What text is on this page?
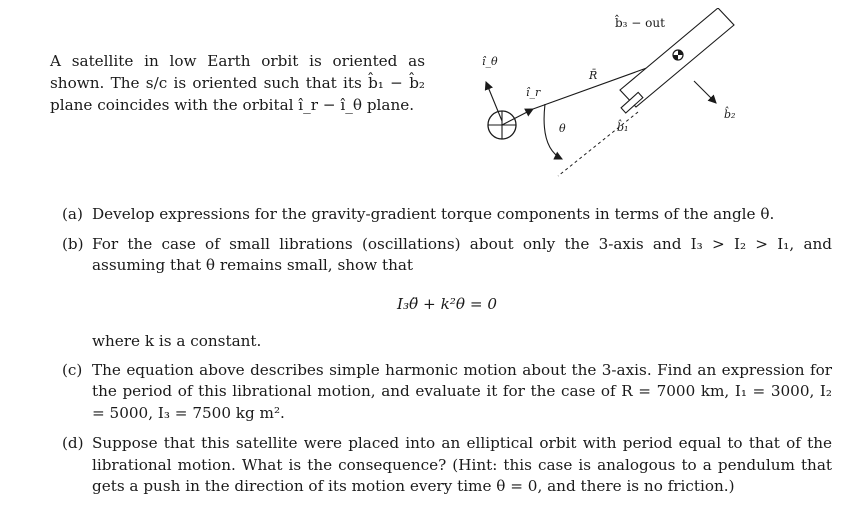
A satellite in low Earth orbit is oriented as shown. The s/c is oriented such that its b̂₁ − b̂₂ plane coincides with the orbital î_r − î_θ plane.
î_θ
î_r
R̄
θ
b̂₂
b̂₁
b̂₃ − out
(a) Develop expressions for the gravity-gradient torque components in terms of the angle θ.
(b) For the case of small librations (oscillations) about only the 3-axis and I₃ > I₂ > I₁, and assuming that θ remains small, show that
I₃θ̈ + k²θ = 0
where k is a constant.
(c) The equation above describes simple harmonic motion about the 3-axis. Find an expression for the period of this librational motion, and evaluate it for the case of R = 7000 km, I₁ = 3000, I₂ = 5000, I₃ = 7500 kg m².
(d) Suppose that this satellite were placed into an elliptical orbit with period equal to that of the librational motion. What is the consequence? (Hint: this case is analogous to a pendulum that gets a push in the direction of its motion every time θ = 0, and there is no friction.)
